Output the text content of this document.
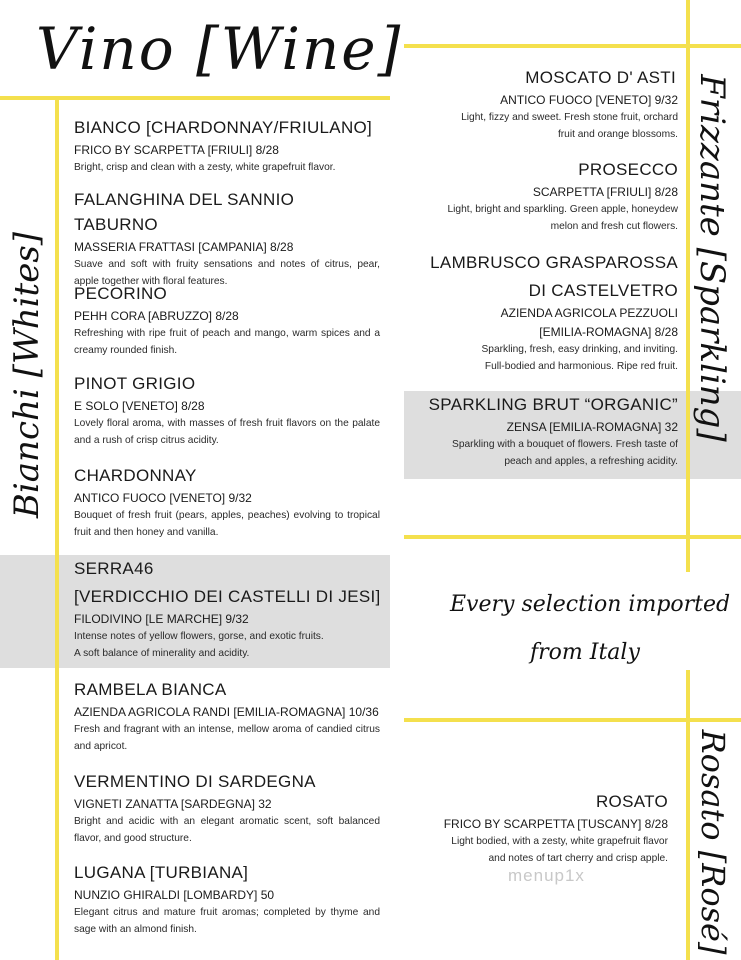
Vino [Wine]
Bianchi [Whites]	Frizzante [Sparkling]
Rosato [Rosé]
Every selection imported
from Italy
BIANCO [CHARDONNAY/FRIULANO]
FRICO BY SCARPETTA [FRIULI] 8/28
Bright, crisp and clean with a zesty, white grapefruit flavor.
FALANGHINA DEL SANNIO TABURNO
MASSERIA FRATTASI [CAMPANIA] 8/28
Suave and soft with fruity sensations and notes of citrus, pear, apple together with floral features.
PECORINO
PEHH CORA [ABRUZZO] 8/28
Refreshing with ripe fruit of peach and mango, warm spices and a creamy rounded finish.
PINOT GRIGIO
E SOLO [VENETO] 8/28
Lovely floral aroma, with masses of fresh fruit flavors on the palate and a rush of crisp citrus acidity.
CHARDONNAY
ANTICO FUOCO [VENETO] 9/32
Bouquet of fresh fruit (pears, apples, peaches) evolving to tropical fruit and then honey and vanilla.
SERRA46
[VERDICCHIO DEI CASTELLI DI JESI]
FILODIVINO [LE MARCHE] 9/32
Intense notes of yellow flowers, gorse, and exotic fruits.
A soft balance of minerality and acidity.
RAMBELA BIANCA
AZIENDA AGRICOLA RANDI [EMILIA-ROMAGNA] 10/36
Fresh and fragrant with an intense, mellow aroma of candied citrus and apricot.
VERMENTINO DI SARDEGNA
VIGNETI ZANATTA [SARDEGNA] 32
Bright and acidic with an elegant aromatic scent, soft balanced flavor, and good structure.
LUGANA [TURBIANA]
NUNZIO GHIRALDI [LOMBARDY] 50
Elegant citrus and mature fruit aromas; completed by thyme and sage with an almond finish.
MOSCATO D' ASTI
ANTICO FUOCO [VENETO] 9/32
Light, fizzy and sweet. Fresh stone fruit, orchard
fruit and orange blossoms.
PROSECCO
SCARPETTA [FRIULI] 8/28
Light, bright and sparkling. Green apple, honeydew
melon and fresh cut flowers.
LAMBRUSCO GRASPAROSSA
DI CASTELVETRO
AZIENDA AGRICOLA PEZZUOLI
[EMILIA-ROMAGNA] 8/28
Sparkling, fresh, easy drinking, and inviting.
Full-bodied and harmonious. Ripe red fruit.
SPARKLING BRUT “ORGANIC”
ZENSA [EMILIA-ROMAGNA] 32
Sparkling with a bouquet of flowers. Fresh taste of
peach and apples, a refreshing acidity.
ROSATO
FRICO BY SCARPETTA [TUSCANY] 8/28
Light bodied, with a zesty, white grapefruit flavor
and notes of tart cherry and crisp apple.
menup1x
